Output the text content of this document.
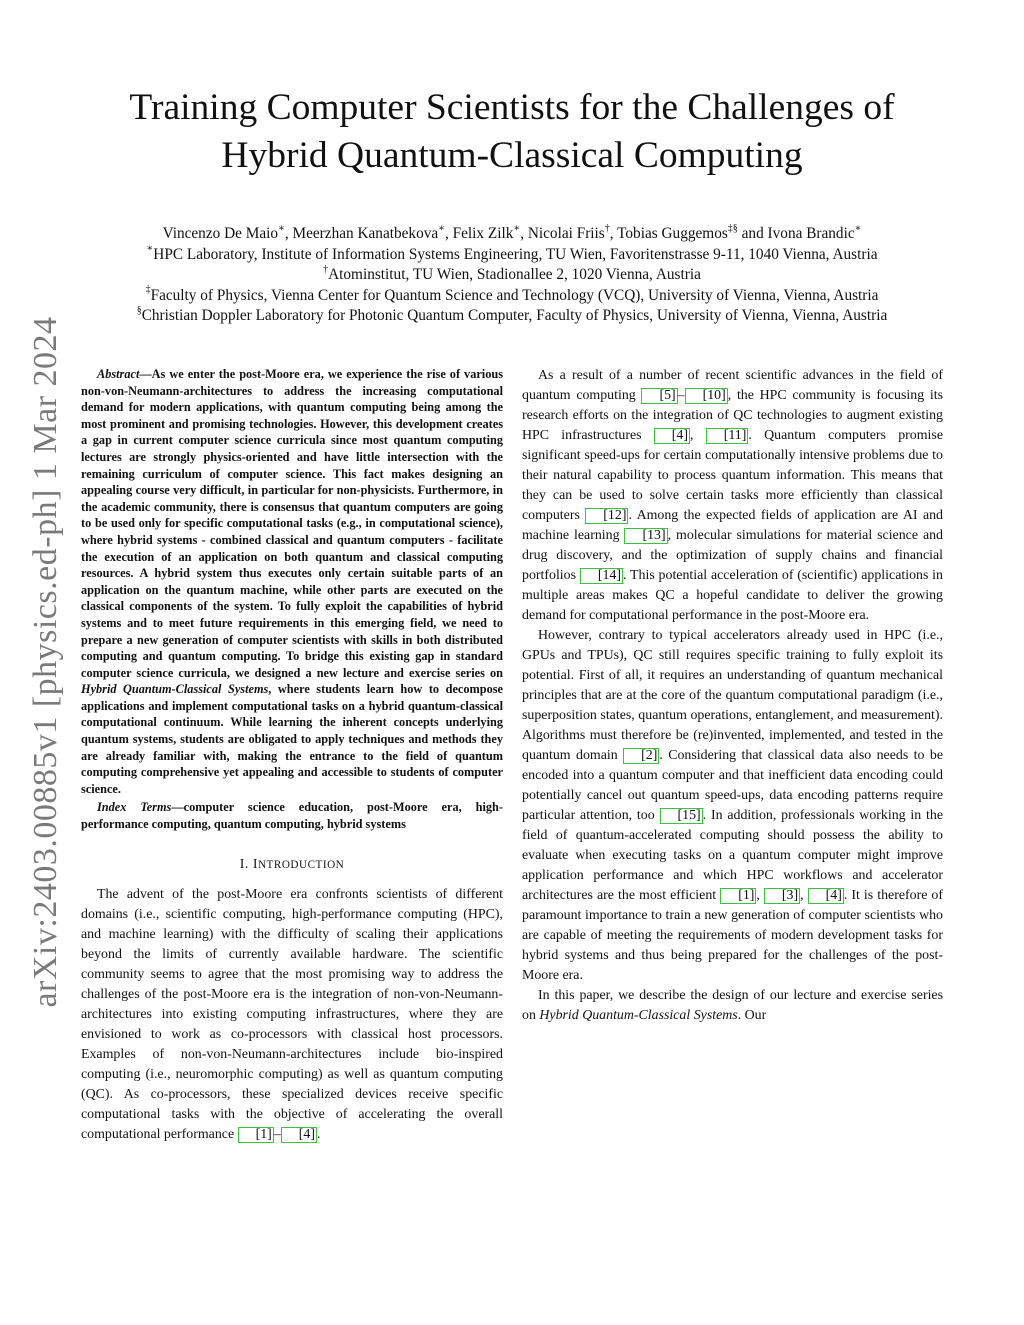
arXiv:2403.00885v1 [physics.ed-ph] 1 Mar 2024
Training Computer Scientists for the Challenges of
Hybrid Quantum-Classical Computing
Vincenzo De Maio∗, Meerzhan Kanatbekova∗, Felix Zilk∗, Nicolai Friis†, Tobias Guggemos‡§ and Ivona Brandic∗
∗HPC Laboratory, Institute of Information Systems Engineering, TU Wien, Favoritenstrasse 9-11, 1040 Vienna, Austria
†Atominstitut, TU Wien, Stadionallee 2, 1020 Vienna, Austria
‡Faculty of Physics, Vienna Center for Quantum Science and Technology (VCQ), University of Vienna, Vienna, Austria
§Christian Doppler Laboratory for Photonic Quantum Computer, Faculty of Physics, University of Vienna, Vienna, Austria

Abstract—As we enter the post-Moore era, we experience the rise of various non-von-Neumann-architectures to address the increasing computational demand for modern applications, with quantum computing being among the most prominent and promising technologies. However, this development creates a gap in current computer science curricula since most quantum computing lectures are strongly physics-oriented and have little intersection with the remaining curriculum of computer science. This fact makes designing an appealing course very difficult, in particular for non-physicists. Furthermore, in the academic community, there is consensus that quantum computers are going to be used only for specific computational tasks (e.g., in computational science), where hybrid systems - combined classical and quantum computers - facilitate the execution of an application on both quantum and classical computing resources. A hybrid system thus executes only certain suitable parts of an application on the quantum machine, while other parts are executed on the classical components of the system. To fully exploit the capabilities of hybrid systems and to meet future requirements in this emerging field, we need to prepare a new generation of computer scientists with skills in both distributed computing and quantum computing. To bridge this existing gap in standard computer science curricula, we designed a new lecture and exercise series on Hybrid Quantum-Classical Systems, where students learn how to decompose applications and implement computational tasks on a hybrid quantum-classical computational continuum. While learning the inherent concepts underlying quantum systems, students are obligated to apply techniques and methods they are already familiar with, making the entrance to the field of quantum computing comprehensive yet appealing and accessible to students of computer science.

Index Terms—computer science education, post-Moore era, high-performance computing, quantum computing, hybrid systems

I. INTRODUCTION

The advent of the post-Moore era confronts scientists of different domains (i.e., scientific computing, high-performance computing (HPC), and machine learning) with the difficulty of scaling their applications beyond the limits of currently available hardware. The scientific community seems to agree that the most promising way to address the challenges of the post-Moore era is the integration of non-von-Neumann-architectures into existing computing infrastructures, where they are envisioned to work as co-processors with classical host processors. Examples of non-von-Neumann-architectures include bio-inspired computing (i.e., neuromorphic computing) as well as quantum computing (QC). As co-processors, these specialized devices receive specific computational tasks with the objective of accelerating the overall computational performance [1] – [4] .

As a result of a number of recent scientific advances in the field of quantum computing [5] – [10] , the HPC community is focusing its research efforts on the integration of QC technologies to augment existing HPC infrastructures [4] , [11] . Quantum computers promise significant speed-ups for certain computationally intensive problems due to their natural capability to process quantum information. This means that they can be used to solve certain tasks more efficiently than classical computers [12] . Among the expected fields of application are AI and machine learning [13] , molecular simulations for material science and drug discovery, and the optimization of supply chains and financial portfolios [14] . This potential acceleration of (scientific) applications in multiple areas makes QC a hopeful candidate to deliver the growing demand for computational performance in the post-Moore era.

However, contrary to typical accelerators already used in HPC (i.e., GPUs and TPUs), QC still requires specific training to fully exploit its potential. First of all, it requires an understanding of quantum mechanical principles that are at the core of the quantum computational paradigm (i.e., superposition states, quantum operations, entanglement, and measurement). Algorithms must therefore be (re)invented, implemented, and tested in the quantum domain [2] . Considering that classical data also needs to be encoded into a quantum computer and that inefficient data encoding could potentially cancel out quantum speed-ups, data encoding patterns require particular attention, too [15] . In addition, professionals working in the field of quantum-accelerated computing should possess the ability to evaluate when executing tasks on a quantum computer might improve application performance and which HPC workflows and accelerator architectures are the most efficient [1] , [3] , [4] . It is therefore of paramount importance to train a new generation of computer scientists who are capable of meeting the requirements of modern development tasks for hybrid systems and thus being prepared for the challenges of the post-Moore era.

In this paper, we describe the design of our lecture and exercise series on Hybrid Quantum-Classical Systems. Our
